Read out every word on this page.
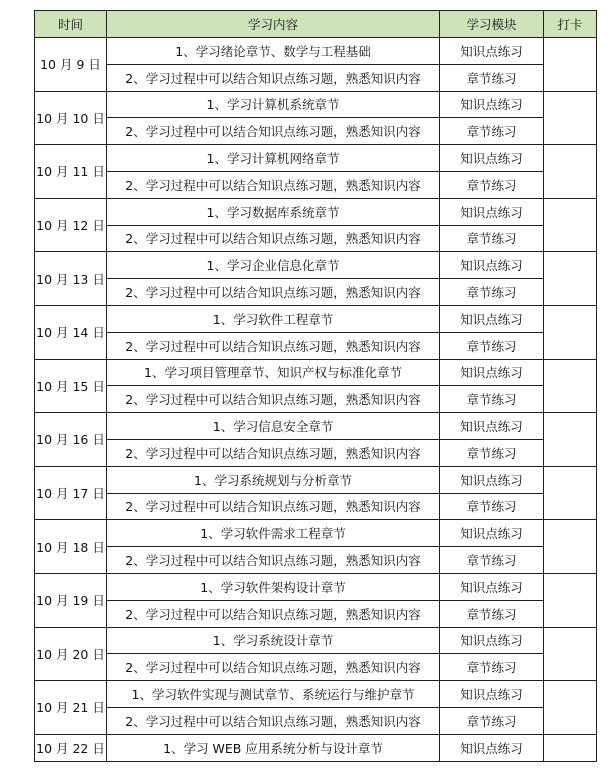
时间	学习内容	学习模块	打卡
10 月 9 日	1、学习绪论章节、数学与工程基础	知识点练习	
	2、学习过程中可以结合知识点练习题，熟悉知识内容	章节练习	
10 月 10 日	1、学习计算机系统章节	知识点练习	
	2、学习过程中可以结合知识点练习题，熟悉知识内容	章节练习	
10 月 11 日	1、学习计算机网络章节	知识点练习	
	2、学习过程中可以结合知识点练习题，熟悉知识内容	章节练习	
10 月 12 日	1、学习数据库系统章节	知识点练习	
	2、学习过程中可以结合知识点练习题，熟悉知识内容	章节练习	
10 月 13 日	1、学习企业信息化章节	知识点练习	
	2、学习过程中可以结合知识点练习题，熟悉知识内容	章节练习	
10 月 14 日	1、学习软件工程章节	知识点练习	
	2、学习过程中可以结合知识点练习题，熟悉知识内容	章节练习	
10 月 15 日	1、学习项目管理章节、知识产权与标准化章节	知识点练习	
	2、学习过程中可以结合知识点练习题，熟悉知识内容	章节练习	
10 月 16 日	1、学习信息安全章节	知识点练习	
	2、学习过程中可以结合知识点练习题，熟悉知识内容	章节练习	
10 月 17 日	1、学习系统规划与分析章节	知识点练习	
	2、学习过程中可以结合知识点练习题，熟悉知识内容	章节练习	
10 月 18 日	1、学习软件需求工程章节	知识点练习	
	2、学习过程中可以结合知识点练习题，熟悉知识内容	章节练习	
10 月 19 日	1、学习软件架构设计章节	知识点练习	
	2、学习过程中可以结合知识点练习题，熟悉知识内容	章节练习	
10 月 20 日	1、学习系统设计章节	知识点练习	
	2、学习过程中可以结合知识点练习题，熟悉知识内容	章节练习	
10 月 21 日	1、学习软件实现与测试章节、系统运行与维护章节	知识点练习	
	2、学习过程中可以结合知识点练习题，熟悉知识内容	章节练习	
10 月 22 日	1、学习 WEB 应用系统分析与设计章节	知识点练习	
